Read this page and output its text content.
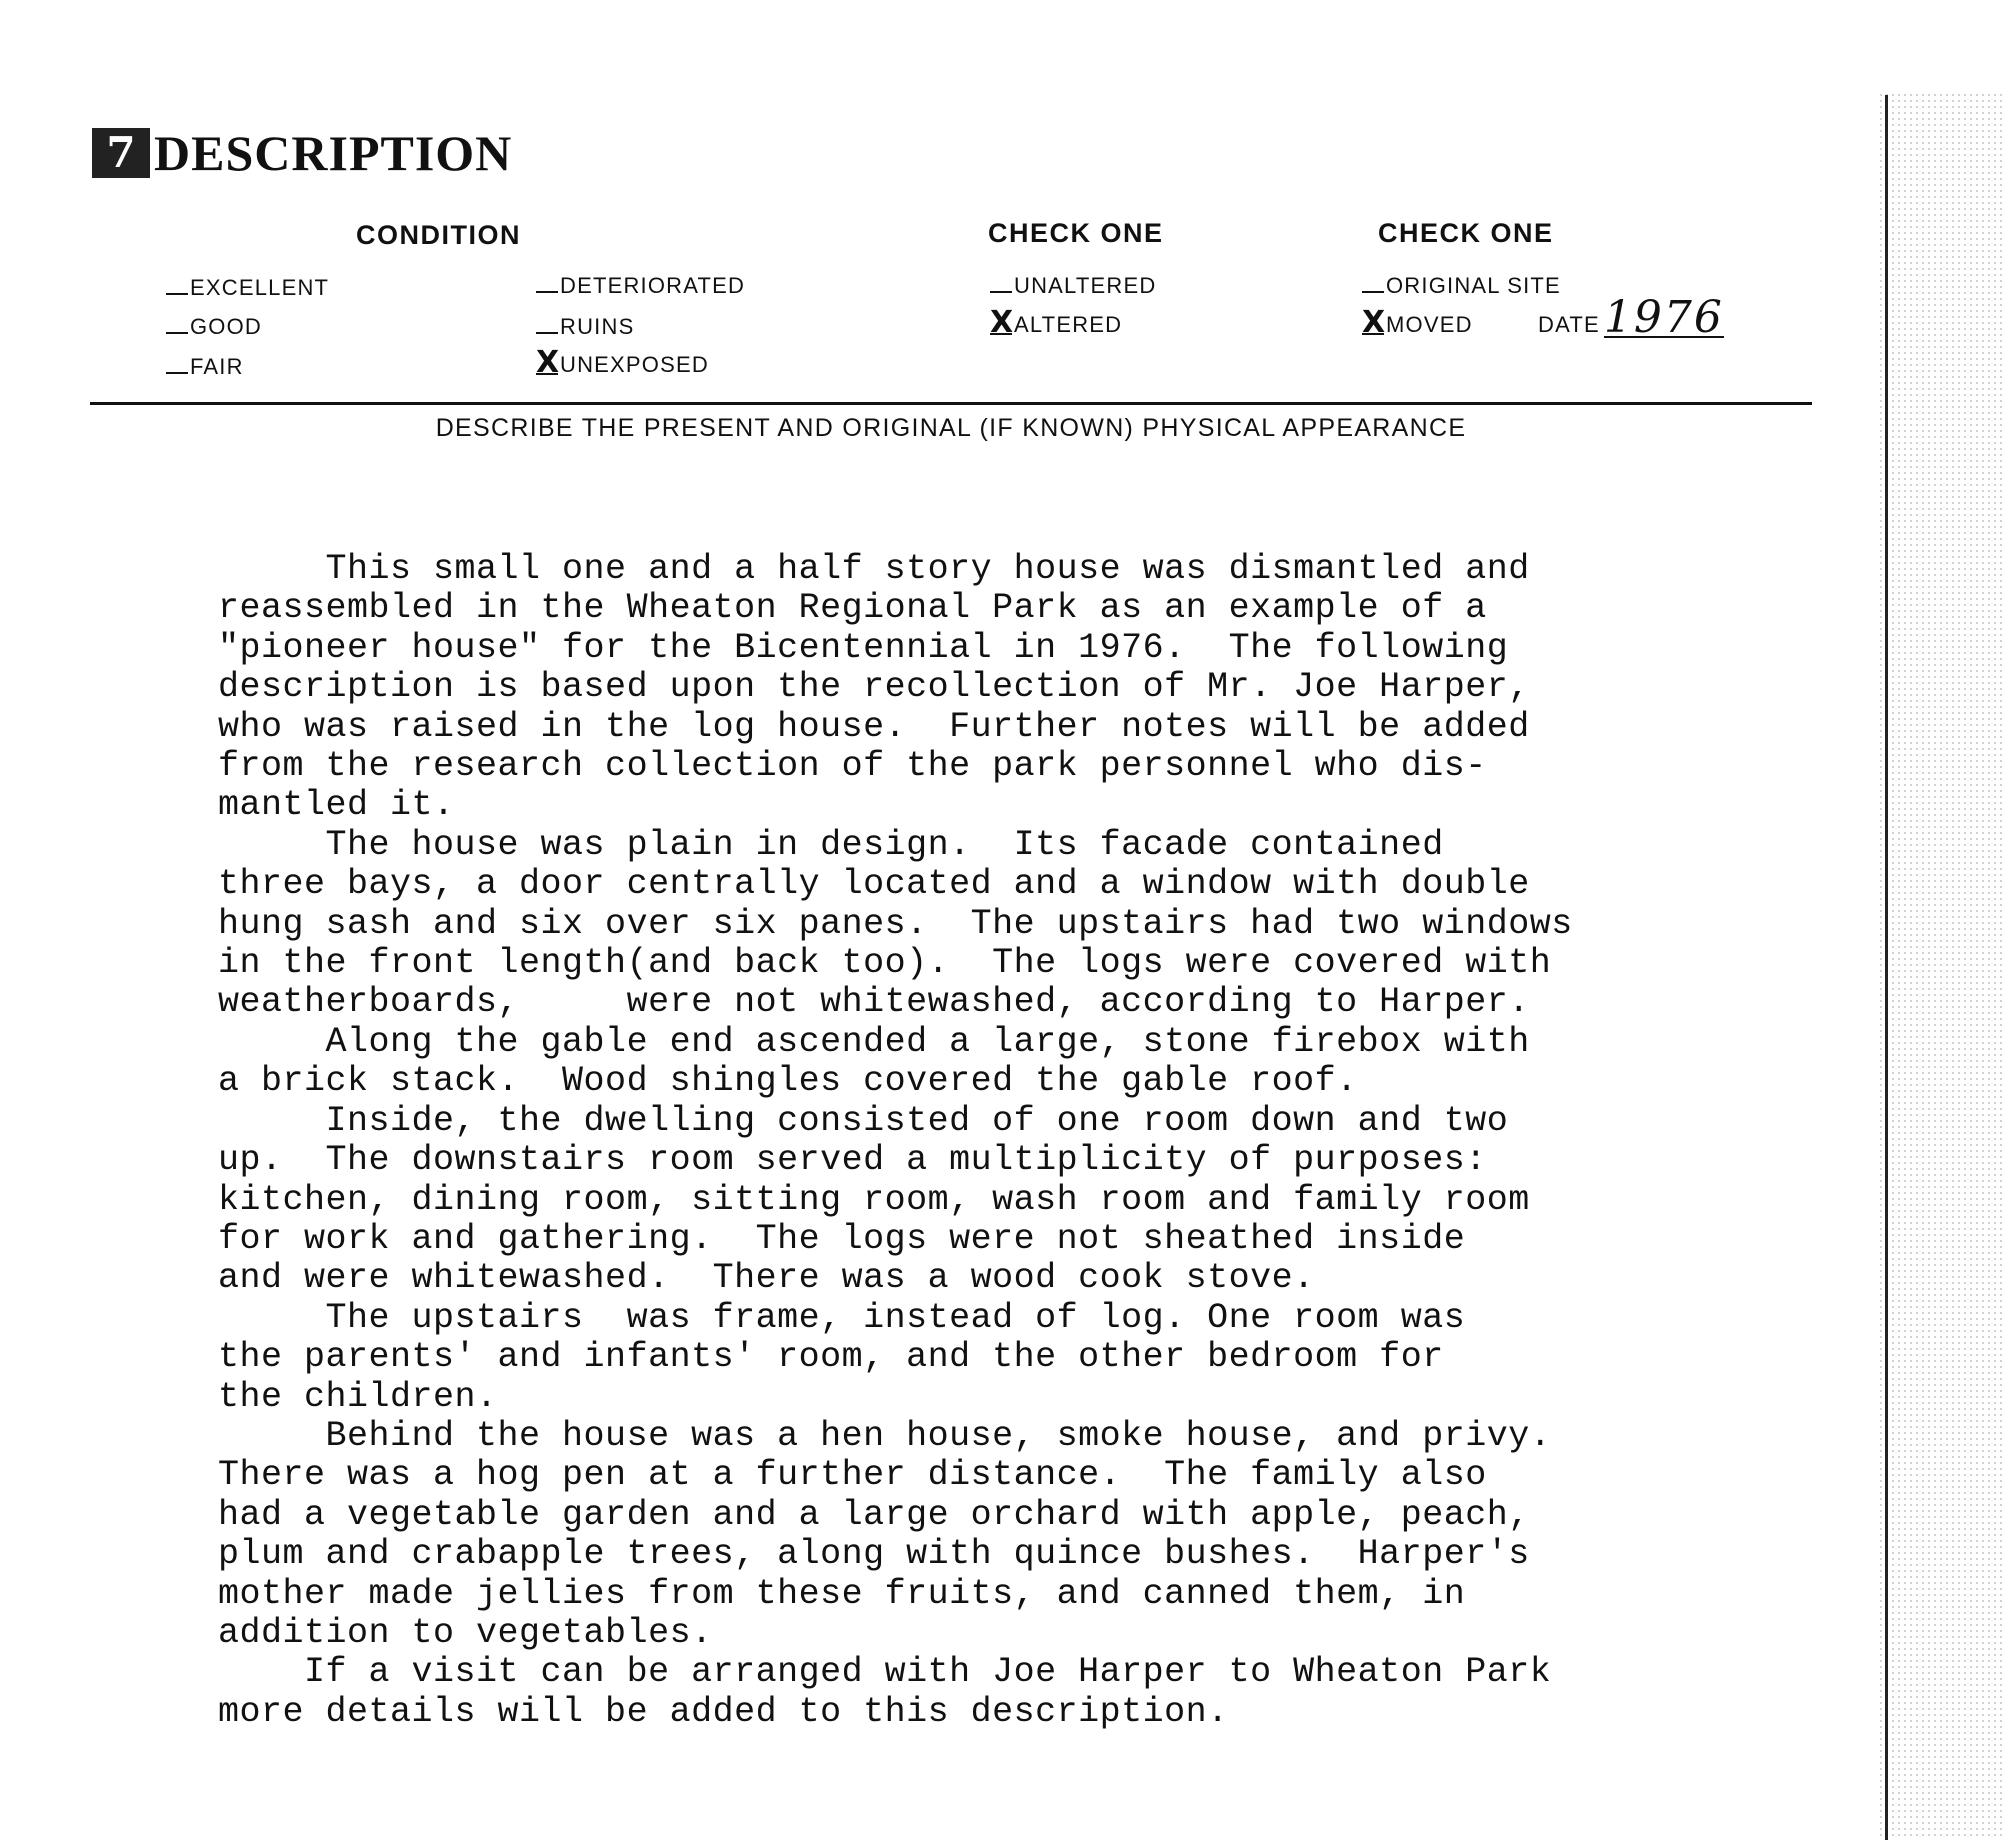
7 DESCRIPTION
CONDITION
EXCELLENT
GOOD
FAIR
DETERIORATED
RUINS
XUNEXPOSED
CHECK ONE
UNALTERED
XALTERED
CHECK ONE
ORIGINAL SITE
XMOVED	DATE1976
DESCRIBE THE PRESENT AND ORIGINAL (IF KNOWN) PHYSICAL APPEARANCE
This small one and a half story house was dismantled and
reassembled in the Wheaton Regional Park as an example of a
"pioneer house" for the Bicentennial in 1976.  The following
description is based upon the recollection of Mr. Joe Harper,
who was raised in the log house.  Further notes will be added
from the research collection of the park personnel who dis-
mantled it.
The house was plain in design.  Its facade contained
three bays, a door centrally located and a window with double
hung sash and six over six panes.  The upstairs had two windows
in the front length(and back too).  The logs were covered with
weatherboards,     were not whitewashed, according to Harper.
Along the gable end ascended a large, stone firebox with
a brick stack.  Wood shingles covered the gable roof.
Inside, the dwelling consisted of one room down and two
up.  The downstairs room served a multiplicity of purposes:
kitchen, dining room, sitting room, wash room and family room
for work and gathering.  The logs were not sheathed inside
and were whitewashed.  There was a wood cook stove.
The upstairs  was frame, instead of log. One room was
the parents' and infants' room, and the other bedroom for
the children.
Behind the house was a hen house, smoke house, and privy.
There was a hog pen at a further distance.  The family also
had a vegetable garden and a large orchard with apple, peach,
plum and crabapple trees, along with quince bushes.  Harper's
mother made jellies from these fruits, and canned them, in
addition to vegetables.
If a visit can be arranged with Joe Harper to Wheaton Park
more details will be added to this description.
